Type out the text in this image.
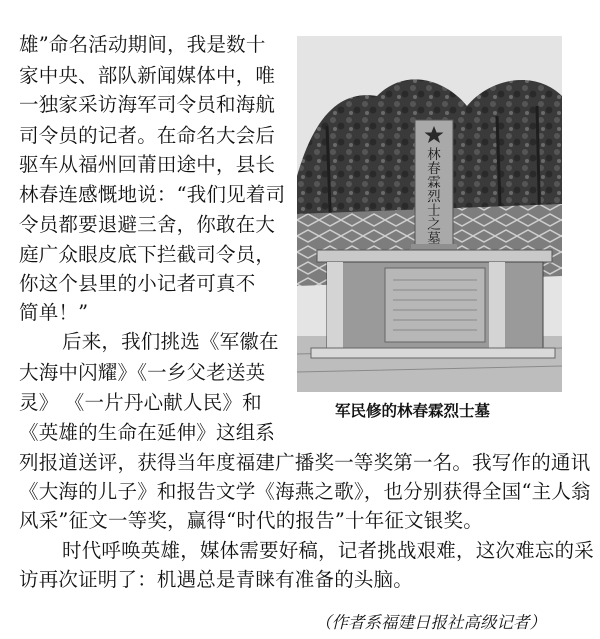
雄”命名活动期间，我是数十
家中央、部队新闻媒体中，唯
一独家采访海军司令员和海航
司令员的记者。在命名大会后
驱车从福州回莆田途中，县长
林春连感慨地说：“我们见着司
令员都要退避三舍，你敢在大
庭广众眼皮底下拦截司令员，
你这个县里的小记者可真不
简单！”
后来，我们挑选《军徽在
大海中闪耀》《一乡父老送英
灵》 《一片丹心献人民》和
《英雄的生命在延伸》这组系
列报道送评，获得当年度福建广播奖一等奖第一名。我写作的通讯
《大海的儿子》和报告文学《海燕之歌》，也分别获得全国“主人翁
风采”征文一等奖，赢得“时代的报告”十年征文银奖。
时代呼唤英雄，媒体需要好稿，记者挑战艰难，这次难忘的采
访再次证明了：机遇总是青睐有准备的头脑。
林春霖烈士之墓
军民修的林春霖烈士墓
（作者系福建日报社高级记者）
